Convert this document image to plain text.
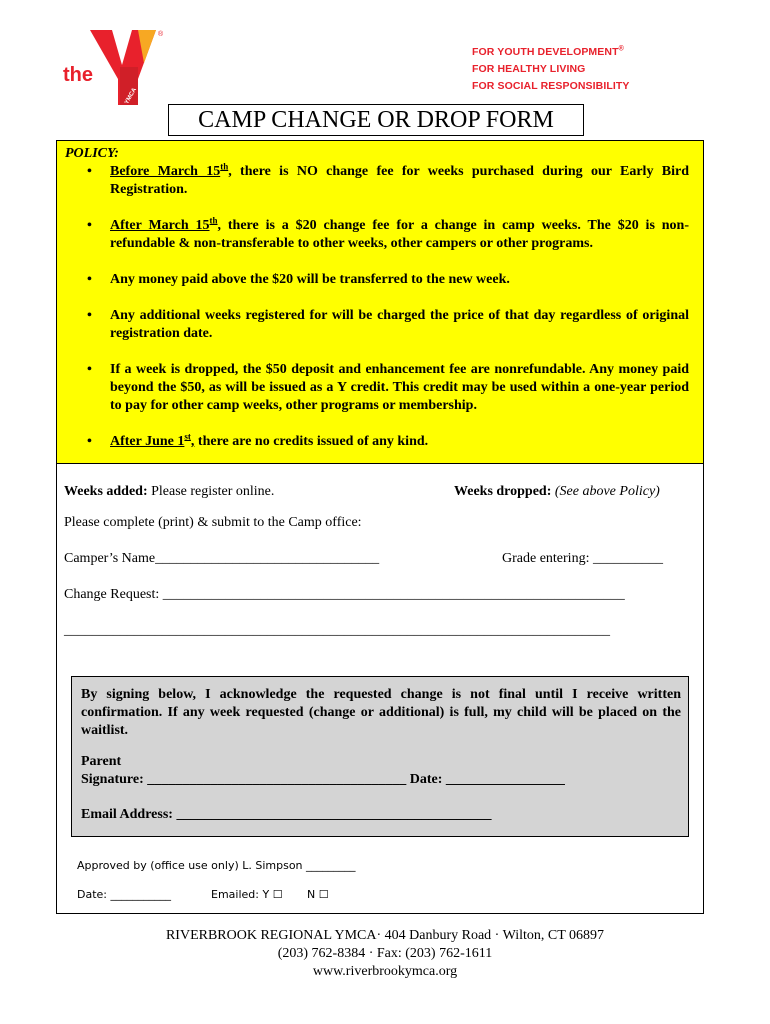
the
YMCA
®
FOR YOUTH DEVELOPMENT®
FOR HEALTHY LIVING
FOR SOCIAL RESPONSIBILITY
CAMP CHANGE OR DROP FORM
POLICY:
• Before March 15th, there is NO change fee for weeks purchased during our Early Bird Registration.
• After March 15th, there is a $20 change fee for a change in camp weeks. The $20 is non-refundable & non-transferable to other weeks, other campers or other programs.
• Any money paid above the $20 will be transferred to the new week.
• Any additional weeks registered for will be charged the price of that day regardless of original registration date.
• If a week is dropped, the $50 deposit and enhancement fee are nonrefundable. Any money paid beyond the $50, as will be issued as a Y credit. This credit may be used within a one-year period to pay for other camp weeks, other programs or membership.
• After June 1st, there are no credits issued of any kind.
Weeks added: Please register online.	Weeks dropped: (See above Policy)
Please complete (print) & submit to the Camp office:
Camper’s Name________________________________	Grade entering: __________
Change Request: __________________________________________________________________
______________________________________________________________________________

By signing below, I acknowledge the requested change is not final until I receive written confirmation. If any week requested (change or additional) is full, my child will be placed on the waitlist.

Parent

Signature: _____________________________________ Date: _________________

Email Address: _____________________________________________

Approved by (office use only) L. Simpson _________
Date: ___________	Emailed: Y ☐ N ☐
RIVERBROOK REGIONAL YMCA· 404 Danbury Road · Wilton, CT 06897
(203) 762-8384 · Fax: (203) 762-1611
www.riverbrookymca.org
